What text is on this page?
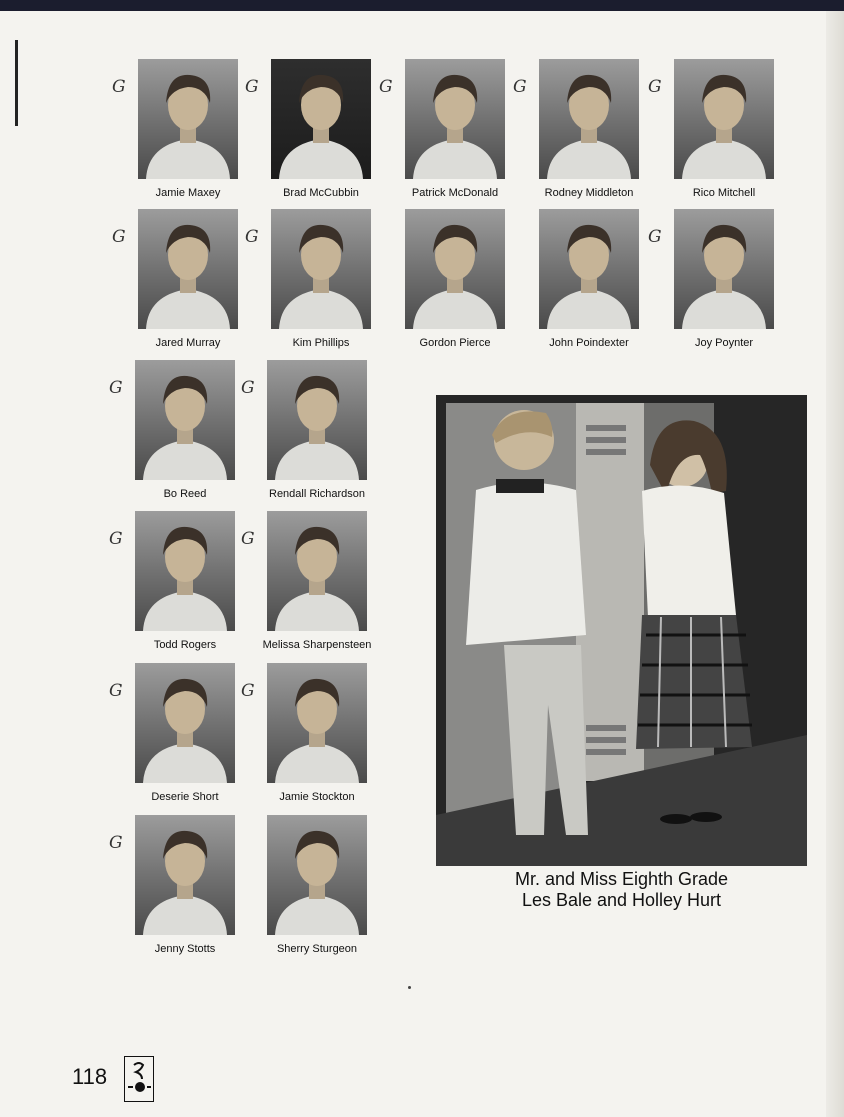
Jamie Maxey
G
Brad McCubbin
G
Patrick McDonald
G
Rodney Middleton
G
Rico Mitchell
G
Jared Murray
G
Kim Phillips
G
Gordon Pierce	John Poindexter	Joy Poynter
G
Bo Reed
G
Rendall Richardson
G
Todd Rogers
G
Melissa Sharpensteen
G
Deserie Short
G
Jamie Stockton
G
Jenny Stotts
G
Sherry Sturgeon
Mr. and Miss Eighth Grade
Les Bale and Holley Hurt
118
